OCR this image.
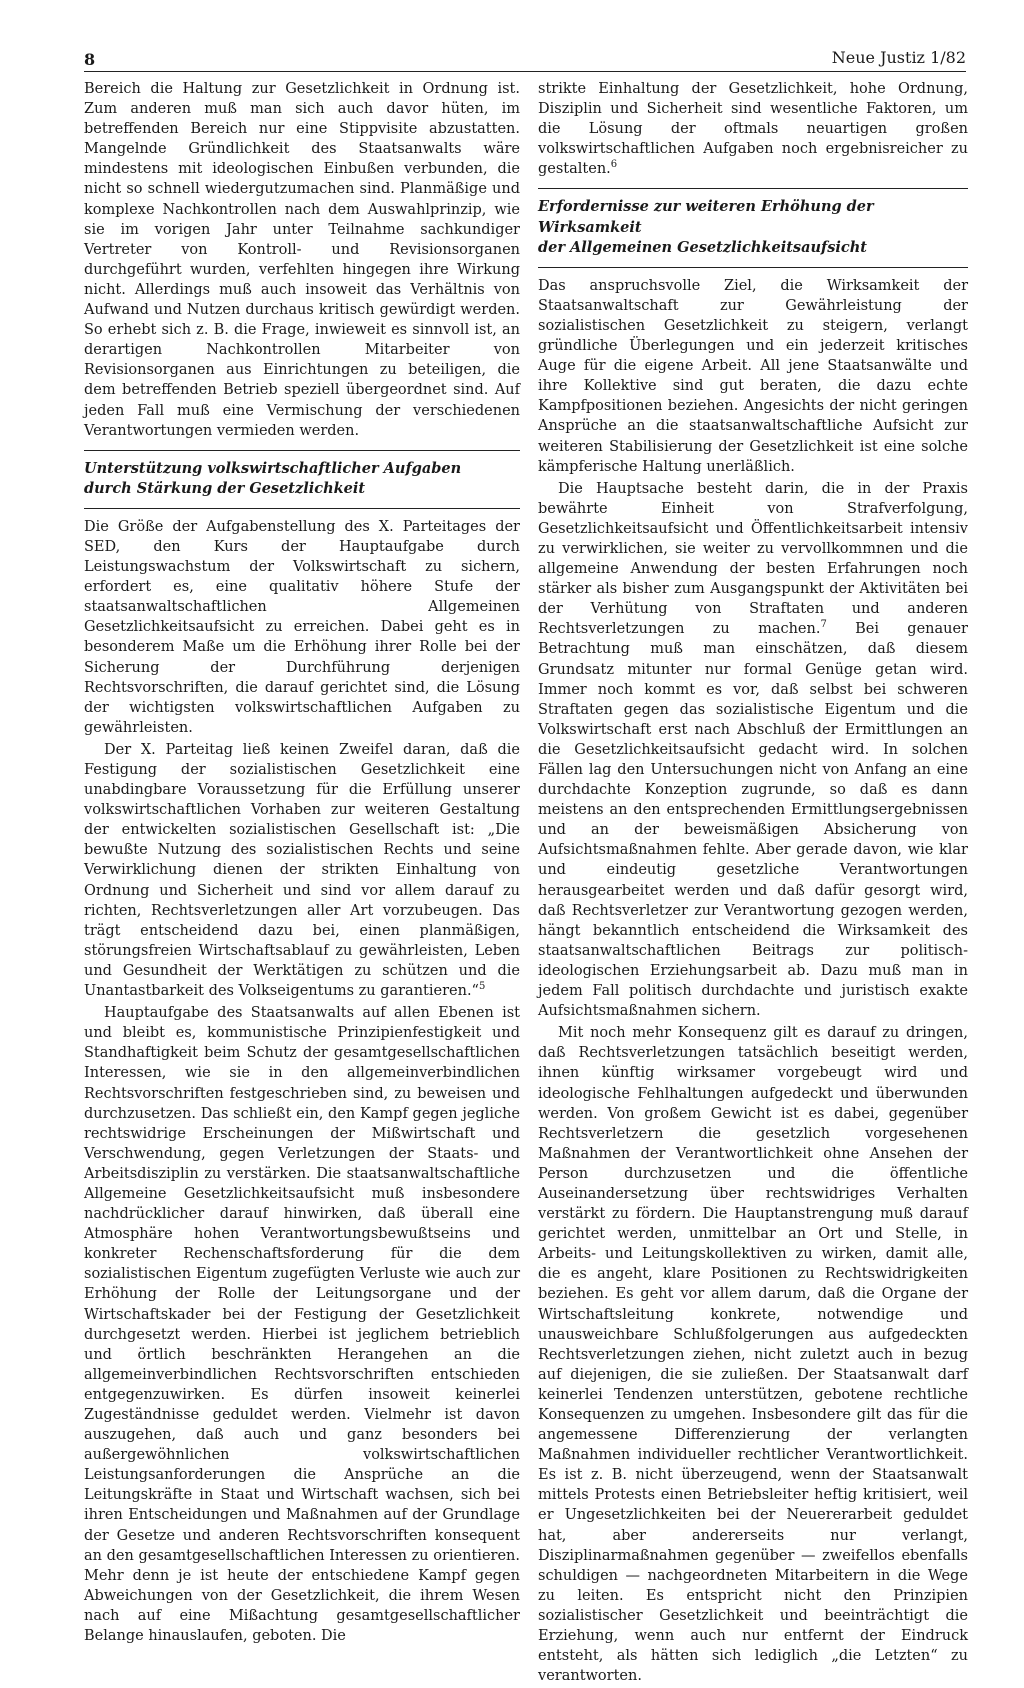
8	Neue Justiz 1/82

Bereich die Haltung zur Gesetzlichkeit in Ordnung ist. Zum anderen muß man sich auch davor hüten, im betreffenden Bereich nur eine Stippvisite abzustatten. Mangelnde Gründlichkeit des Staatsanwalts wäre mindestens mit ideologischen Einbußen verbunden, die nicht so schnell wiedergutzumachen sind. Planmäßige und komplexe Nachkontrollen nach dem Auswahlprinzip, wie sie im vorigen Jahr unter Teilnahme sachkundiger Vertreter von Kontroll- und Revisionsorganen durchgeführt wurden, verfehlten hingegen ihre Wirkung nicht. Allerdings muß auch insoweit das Verhältnis von Aufwand und Nutzen durchaus kritisch gewürdigt werden. So erhebt sich z. B. die Frage, inwieweit es sinnvoll ist, an derartigen Nachkontrollen Mitarbeiter von Revisionsorganen aus Einrichtungen zu beteiligen, die dem betreffenden Betrieb speziell übergeordnet sind. Auf jeden Fall muß eine Vermischung der verschiedenen Verantwortungen vermieden werden.

Unterstützung volkswirtschaftlicher Aufgaben
durch Stärkung der Gesetzlichkeit

Die Größe der Aufgabenstellung des X. Parteitages der SED, den Kurs der Hauptaufgabe durch Leistungswachstum der Volkswirtschaft zu sichern, erfordert es, eine qualitativ höhere Stufe der staatsanwaltschaftlichen Allgemeinen Gesetzlichkeitsaufsicht zu erreichen. Dabei geht es in besonderem Maße um die Erhöhung ihrer Rolle bei der Sicherung der Durchführung derjenigen Rechtsvorschriften, die darauf gerichtet sind, die Lösung der wichtigsten volkswirtschaftlichen Aufgaben zu gewährleisten.

Der X. Parteitag ließ keinen Zweifel daran, daß die Festigung der sozialistischen Gesetzlichkeit eine unabdingbare Voraussetzung für die Erfüllung unserer volkswirtschaftlichen Vorhaben zur weiteren Gestaltung der entwickelten sozialistischen Gesellschaft ist: „Die bewußte Nutzung des sozialistischen Rechts und seine Verwirklichung dienen der strikten Einhaltung von Ordnung und Sicherheit und sind vor allem darauf zu richten, Rechtsverletzungen aller Art vorzubeugen. Das trägt entscheidend dazu bei, einen planmäßigen, störungsfreien Wirtschaftsablauf zu gewährleisten, Leben und Gesundheit der Werktätigen zu schützen und die Unantastbarkeit des Volkseigentums zu garantieren.“$^5$

Hauptaufgabe des Staatsanwalts auf allen Ebenen ist und bleibt es, kommunistische Prinzipienfestigkeit und Standhaftigkeit beim Schutz der gesamtgesellschaftlichen Interessen, wie sie in den allgemeinverbindlichen Rechtsvorschriften festgeschrieben sind, zu beweisen und durchzusetzen. Das schließt ein, den Kampf gegen jegliche rechtswidrige Erscheinungen der Mißwirtschaft und Verschwendung, gegen Verletzungen der Staats- und Arbeitsdisziplin zu verstärken. Die staatsanwaltschaftliche Allgemeine Gesetzlichkeitsaufsicht muß insbesondere nachdrücklicher darauf hinwirken, daß überall eine Atmosphäre hohen Verantwortungsbewußtseins und konkreter Rechenschaftsforderung für die dem sozialistischen Eigentum zugefügten Verluste wie auch zur Erhöhung der Rolle der Leitungsorgane und der Wirtschaftskader bei der Festigung der Gesetzlichkeit durchgesetzt werden. Hierbei ist jeglichem betrieblich und örtlich beschränkten Herangehen an die allgemeinverbindlichen Rechtsvorschriften entschieden entgegenzuwirken. Es dürfen insoweit keinerlei Zugeständnisse geduldet werden. Vielmehr ist davon auszugehen, daß auch und ganz besonders bei außergewöhnlichen volkswirtschaftlichen Leistungsanforderungen die Ansprüche an die Leitungskräfte in Staat und Wirtschaft wachsen, sich bei ihren Entscheidungen und Maßnahmen auf der Grundlage der Gesetze und anderen Rechtsvorschriften konsequent an den gesamtgesellschaftlichen Interessen zu orientieren. Mehr denn je ist heute der entschiedene Kampf gegen Abweichungen von der Gesetzlichkeit, die ihrem Wesen nach auf eine Mißachtung gesamtgesellschaftlicher Belange hinauslaufen, geboten. Die

strikte Einhaltung der Gesetzlichkeit, hohe Ordnung, Disziplin und Sicherheit sind wesentliche Faktoren, um die Lösung der oftmals neuartigen großen volkswirtschaftlichen Aufgaben noch ergebnisreicher zu gestalten.$^6$

Erfordernisse zur weiteren Erhöhung der Wirksamkeit
der Allgemeinen Gesetzlichkeitsaufsicht

Das anspruchsvolle Ziel, die Wirksamkeit der Staatsanwaltschaft zur Gewährleistung der sozialistischen Gesetzlichkeit zu steigern, verlangt gründliche Überlegungen und ein jederzeit kritisches Auge für die eigene Arbeit. All jene Staatsanwälte und ihre Kollektive sind gut beraten, die dazu echte Kampfpositionen beziehen. Angesichts der nicht geringen Ansprüche an die staatsanwaltschaftliche Aufsicht zur weiteren Stabilisierung der Gesetzlichkeit ist eine solche kämpferische Haltung unerläßlich.

Die Hauptsache besteht darin, die in der Praxis bewährte Einheit von Strafverfolgung, Gesetzlichkeitsaufsicht und Öffentlichkeitsarbeit intensiv zu verwirklichen, sie weiter zu vervollkommnen und die allgemeine Anwendung der besten Erfahrungen noch stärker als bisher zum Ausgangspunkt der Aktivitäten bei der Verhütung von Straftaten und anderen Rechtsverletzungen zu machen.$^7$ Bei genauer Betrachtung muß man einschätzen, daß diesem Grundsatz mitunter nur formal Genüge getan wird. Immer noch kommt es vor, daß selbst bei schweren Straftaten gegen das sozialistische Eigentum und die Volkswirtschaft erst nach Abschluß der Ermittlungen an die Gesetzlichkeitsaufsicht gedacht wird. In solchen Fällen lag den Untersuchungen nicht von Anfang an eine durchdachte Konzeption zugrunde, so daß es dann meistens an den entsprechenden Ermittlungsergebnissen und an der beweismäßigen Absicherung von Aufsichtsmaßnahmen fehlte. Aber gerade davon, wie klar und eindeutig gesetzliche Verantwortungen herausgearbeitet werden und daß dafür gesorgt wird, daß Rechtsverletzer zur Verantwortung gezogen werden, hängt bekanntlich entscheidend die Wirksamkeit des staatsanwaltschaftlichen Beitrags zur politisch-ideologischen Erziehungsarbeit ab. Dazu muß man in jedem Fall politisch durchdachte und juristisch exakte Aufsichtsmaßnahmen sichern.

Mit noch mehr Konsequenz gilt es darauf zu dringen, daß Rechtsverletzungen tatsächlich beseitigt werden, ihnen künftig wirksamer vorgebeugt wird und ideologische Fehlhaltungen aufgedeckt und überwunden werden. Von großem Gewicht ist es dabei, gegenüber Rechtsverletzern die gesetzlich vorgesehenen Maßnahmen der Verantwortlichkeit ohne Ansehen der Person durchzusetzen und die öffentliche Auseinandersetzung über rechtswidriges Verhalten verstärkt zu fördern. Die Hauptanstrengung muß darauf gerichtet werden, unmittelbar an Ort und Stelle, in Arbeits- und Leitungskollektiven zu wirken, damit alle, die es angeht, klare Positionen zu Rechtswidrigkeiten beziehen. Es geht vor allem darum, daß die Organe der Wirtschaftsleitung konkrete, notwendige und unausweichbare Schlußfolgerungen aus aufgedeckten Rechtsverletzungen ziehen, nicht zuletzt auch in bezug auf diejenigen, die sie zuließen. Der Staatsanwalt darf keinerlei Tendenzen unterstützen, gebotene rechtliche Konsequenzen zu umgehen. Insbesondere gilt das für die angemessene Differenzierung der verlangten Maßnahmen individueller rechtlicher Verantwortlichkeit. Es ist z. B. nicht überzeugend, wenn der Staatsanwalt mittels Protests einen Betriebsleiter heftig kritisiert, weil er Ungesetzlichkeiten bei der Neuererarbeit geduldet hat, aber andererseits nur verlangt, Disziplinarmaßnahmen gegenüber — zweifellos ebenfalls schuldigen — nachgeordneten Mitarbeitern in die Wege zu leiten. Es entspricht nicht den Prinzipien sozialistischer Gesetzlichkeit und beeinträchtigt die Erziehung, wenn auch nur entfernt der Eindruck entsteht, als hätten sich lediglich „die Letzten“ zu verantworten.
